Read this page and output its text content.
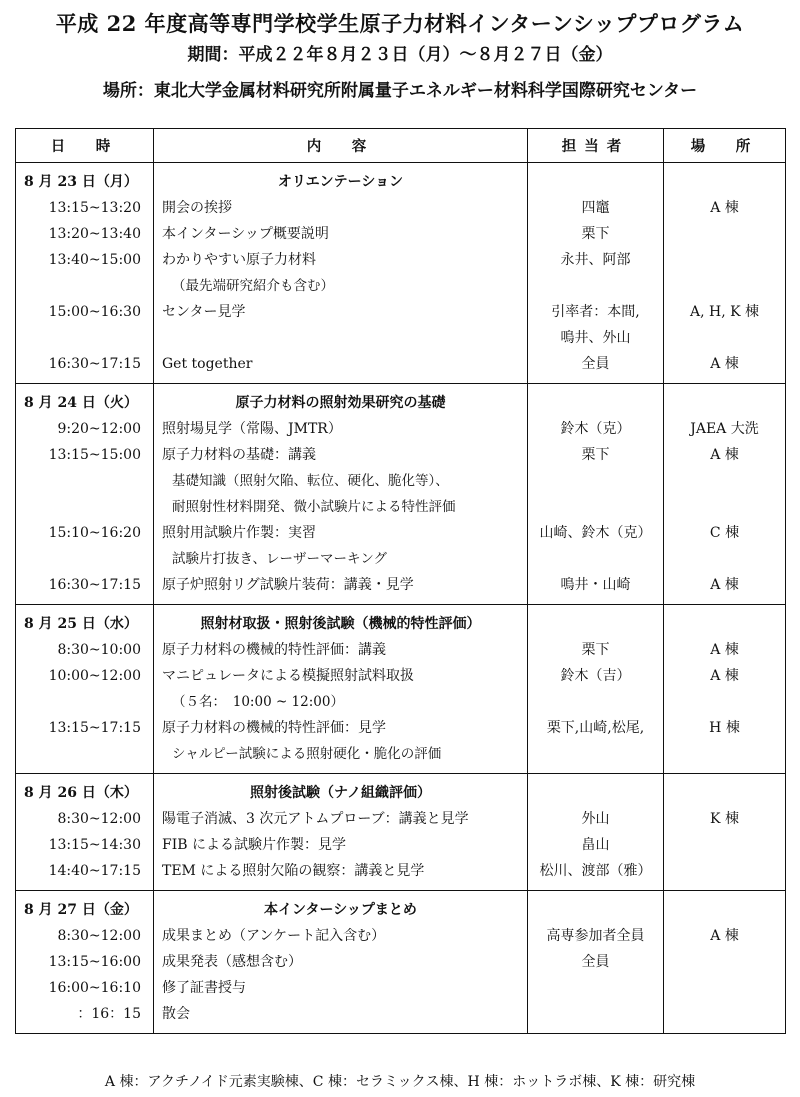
平成 22 年度高等専門学校学生原子力材料インターンシッププログラム
期間：平成２２年８月２３日（月）～８月２７日（金）
場所：東北大学金属材料研究所附属量子エネルギー材料科学国際研究センター
日　時	内　容	担当者	場　所
8 月 23 日（月）	オリエンテーション		
13:15~13:20	開会の挨拶	四竈	A 棟
13:20~13:40	本インターシップ概要説明	栗下	
13:40~15:00	わかりやすい原子力材料	永井、阿部	
	（最先端研究紹介も含む）		
15:00~16:30	センター見学	引率者：本間,	A, H, K 棟
		鳴井、外山	
16:30~17:15	Get together	全員	A 棟
8 月 24 日（火）	原子力材料の照射効果研究の基礎		
9:20~12:00	照射場見学（常陽、JMTR）	鈴木（克）	JAEA 大洗
13:15~15:00	原子力材料の基礎：講義	栗下	A 棟
	基礎知識（照射欠陥、転位、硬化、脆化等）、		
	耐照射性材料開発、微小試験片による特性評価		
15:10~16:20	照射用試験片作製：実習	山崎、鈴木（克）	C 棟
	試験片打抜き、レーザーマーキング		
16:30~17:15	原子炉照射リグ試験片装荷：講義・見学	鳴井・山崎	A 棟
8 月 25 日（水）	照射材取扱・照射後試験（機械的特性評価）		
8:30~10:00	原子力材料の機械的特性評価：講義	栗下	A 棟
10:00~12:00	マニピュレータによる模擬照射試料取扱	鈴木（吉）	A 棟
	（５名：　10:00 ~ 12:00）		
13:15~17:15	原子力材料の機械的特性評価：見学	栗下,山崎,松尾,	H 棟
	シャルピー試験による照射硬化・脆化の評価		
8 月 26 日（木）	照射後試験（ナノ組織評価）		
8:30~12:00	陽電子消滅、3 次元アトムプローブ：講義と見学	外山	K 棟
13:15~14:30	FIB による試験片作製：見学	畠山	
14:40~17:15	TEM による照射欠陥の観察：講義と見学	松川、渡部（雅）	
8 月 27 日（金）	本インターシップまとめ		
8:30~12:00	成果まとめ（アンケート記入含む）	高専参加者全員	A 棟
13:15~16:00	成果発表（感想含む）	全員	
16:00~16:10	修了証書授与		
：16：15	散会		
A 棟：アクチノイド元素実験棟、C 棟：セラミックス棟、H 棟：ホットラボ棟、K 棟：研究棟
